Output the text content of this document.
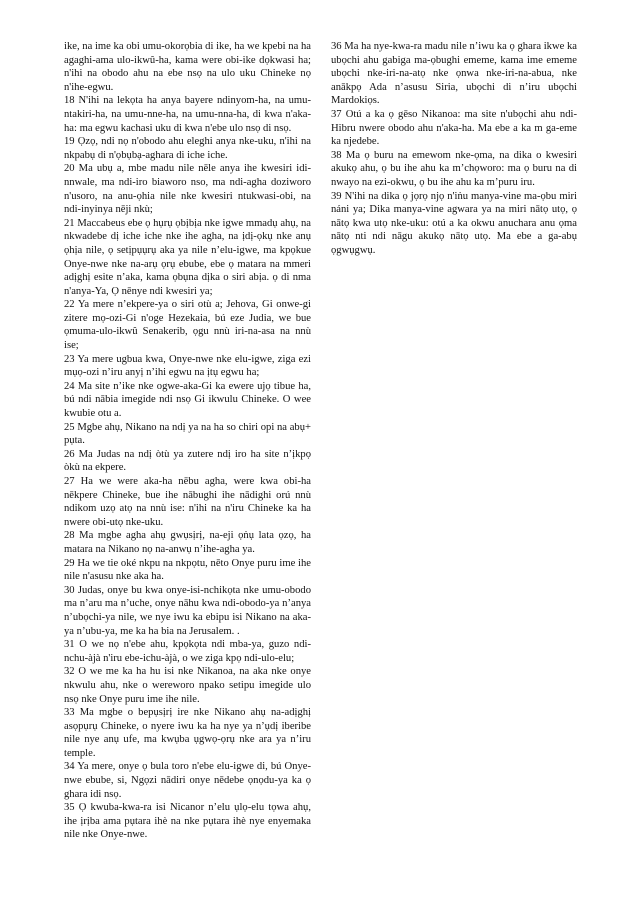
ike, na ime ka obi umu-okorọbia di ike, ha we kpebi na ha agaghi-ama ulo-ikwû-ha, kama were obi-ike dọkwasi ha; n'ihi na obodo ahu na ebe nsọ na ulo uku Chineke nọ n'ihe-egwu.

18 N'ihi na lekọta ha anya bayere ndinyom-ha, na umu-ntakiri-ha, na umu-nne-ha, na umu-nna-ha, di kwa n'aka-ha: ma egwu kachasi uku di kwa n'ebe ulo nsọ di nsọ.

19 Ọzọ, ndi nọ n'obodo ahu eleghi anya nke-uku, n'ihi na nkpabụ di n'ọbụbạ-aghara di iche iche.

20 Ma ubụ a, mbe madu nile nēle anya ihe kwesiri idi-nnwale, ma ndi-iro biaworo nso, ma ndi-agha doziworo n'usoro, na anu-ọhia nile nke kwesiri ntukwasi-obi, na ndi-inyinya nēji nkù;

21 Maccabeus ebe ọ hụrụ ọbịbịa nke igwe mmadụ ahụ, na nkwadebe dị iche iche nke ihe agha, na ịdị-ọkụ nke anụ ọhịa nile, ọ setịpụụrụ aka ya nile n’elu-igwe, ma kpọkue Onye-nwe nke na-arụ ọrụ ebube, ebe ọ matara na mmeri adịghị esite n’aka, kama ọbụna dịka o siri abịa. ọ di nma n'anya-Ya, Ọ nēnye ndi kwesiri ya;

22 Ya mere n’ekpere-ya o siri otù a; Jehova, Gi onwe-gi zitere mọ-ozi-Gi n'oge Hezekaia, bú eze Judia, we bue ọmuma-ulo-ikwû Senakerib, ọgu nnù iri-na-asa na nnù ise;

23 Ya mere ugbua kwa, Onye-nwe nke elu-igwe, ziga ezi mụọ-ozi n’iru anyị n’ihi egwu na ịtụ egwu ha;

24 Ma site n’ike nke ogwe-aka-Gi ka ewere ujọ tibue ha, bú ndi nābia imegide ndi nsọ Gi ikwulu Chineke. O wee kwubie otu a.

25 Mgbe ahụ, Nikano na ndị ya na ha so chiri opi na abụ+ pụta.

26 Ma Judas na ndị òtù ya zutere ndị iro ha site n’ịkpọ òkù na ekpere.

27 Ha we were aka-ha nēbu agha, were kwa obi-ha nēkpere Chineke, bue ihe nābughi ihe nādighi orú nnù ndikom uzọ atọ na nnù ise: n'ihi na n'iru Chineke ka ha nwere obi-utọ nke-uku.

28 Ma mgbe agha ahụ gwụsịrị, na-eji ọṅụ lata ọzọ, ha matara na Nikano nọ na-anwụ n’ihe-agha ya.

29 Ha we tie oké nkpu na nkpọtu, nēto Onye puru ime ihe nile n'asusu nke aka ha.

30 Judas, onye bu kwa onye-isi-nchikọta nke umu-obodo ma n’aru ma n’uche, onye nāhu kwa ndi-obodo-ya n’anya n’ubọchi-ya nile, we nye iwu ka ebipu isi Nikano na aka-ya n’ubu-ya, me ka ha bia na Jerusalem. .

31 O we nọ n'ebe ahu, kpọkọta ndi mba-ya, guzo ndi-nchu-àjà n'iru ebe-ichu-àjà, o we ziga kpọ ndi-ulo-elu;

32 O we me ka ha hu isi nke Nikanoa, na aka nke onye nkwulu ahu, nke o wereworo npako setipu imegide ulo nsọ nke Onye puru ime ihe nile.

33 Ma mgbe o bepụsịrị ire nke Nikano ahụ na-adịghị asọpụrụ Chineke, o nyere iwu ka ha nye ya n’ụdị iberibe nile nye anụ ufe, ma kwụba ụgwọ-ọrụ nke ara ya n’iru temple.

34 Ya mere, onye ọ bula toro n'ebe elu-igwe di, bú Onye-nwe ebube, si, Ngọzi nādiri onye nēdebe ọnọdu-ya ka ọ ghara idi nsọ.

35 Ọ kwuba-kwa-ra isi Nicanor n’elu ụlọ-elu tọwa ahụ, ihe ịrịba ama pụtara ihè na nke pụtara ihè nye enyemaka nile nke Onye-nwe.

36 Ma ha nye-kwa-ra madu nile n’iwu ka ọ ghara ikwe ka ubọchi ahu gabiga ma-ọbughi ememe, kama ime ememe ubọchi nke-iri-na-atọ nke ọnwa nke-iri-na-abua, nke anākpọ Ada n’asusu Siria, ubọchi di n’iru ubọchi Mardokiọs.

37 Otú a ka ọ gēso Nikanoa: ma site n'ubọchi ahu ndi-Hibru nwere obodo ahu n'aka-ha. Ma ebe a ka m ga-eme ka njedebe.

38 Ma ọ buru na emewom nke-ọma, na dika o kwesiri akukọ ahu, ọ bu ihe ahu ka m’chọworo: ma ọ buru na di nwayo na ezi-okwu, ọ bu ihe ahu ka m’puru iru.

39 N'ihi na dika ọ jọrọ njọ n'iṅu manya-vine ma-ọbu miri náni ya; Dika manya-vine agwara ya na miri nātọ utọ, ọ nātọ kwa utọ nke-uku: otú a ka okwu anuchara anu ọma nātọ nti ndi nāgu akukọ nātọ utọ. Ma ebe a ga-abụ ọgwụgwụ.
